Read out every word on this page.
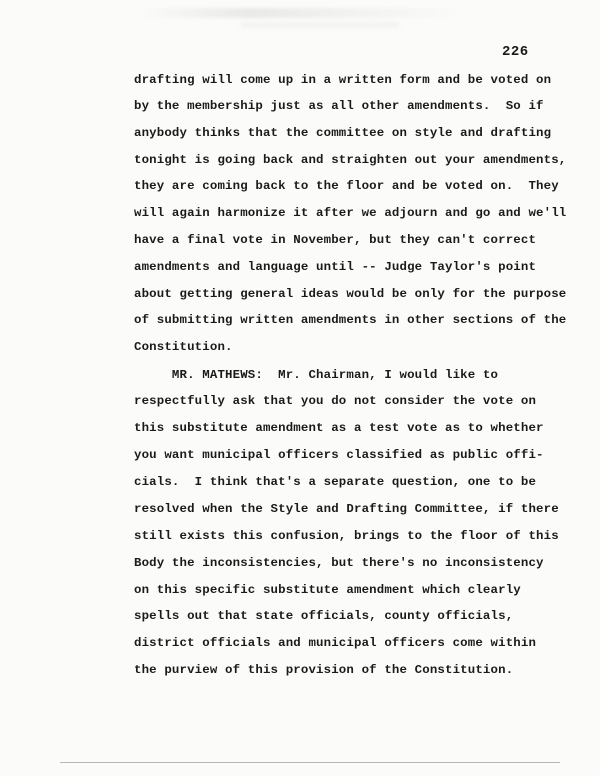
226
drafting will come up in a written form and be voted on
by the membership just as all other amendments.  So if
anybody thinks that the committee on style and drafting
tonight is going back and straighten out your amendments,
they are coming back to the floor and be voted on.  They
will again harmonize it after we adjourn and go and we'll
have a final vote in November, but they can't correct
amendments and language until -- Judge Taylor's point
about getting general ideas would be only for the purpose
of submitting written amendments in other sections of the
Constitution.
MR. MATHEWS:  Mr. Chairman, I would like to
respectfully ask that you do not consider the vote on
this substitute amendment as a test vote as to whether
you want municipal officers classified as public offi-
cials.  I think that's a separate question, one to be
resolved when the Style and Drafting Committee, if there
still exists this confusion, brings to the floor of this
Body the inconsistencies, but there's no inconsistency
on this specific substitute amendment which clearly
spells out that state officials, county officials,
district officials and municipal officers come within
the purview of this provision of the Constitution.
